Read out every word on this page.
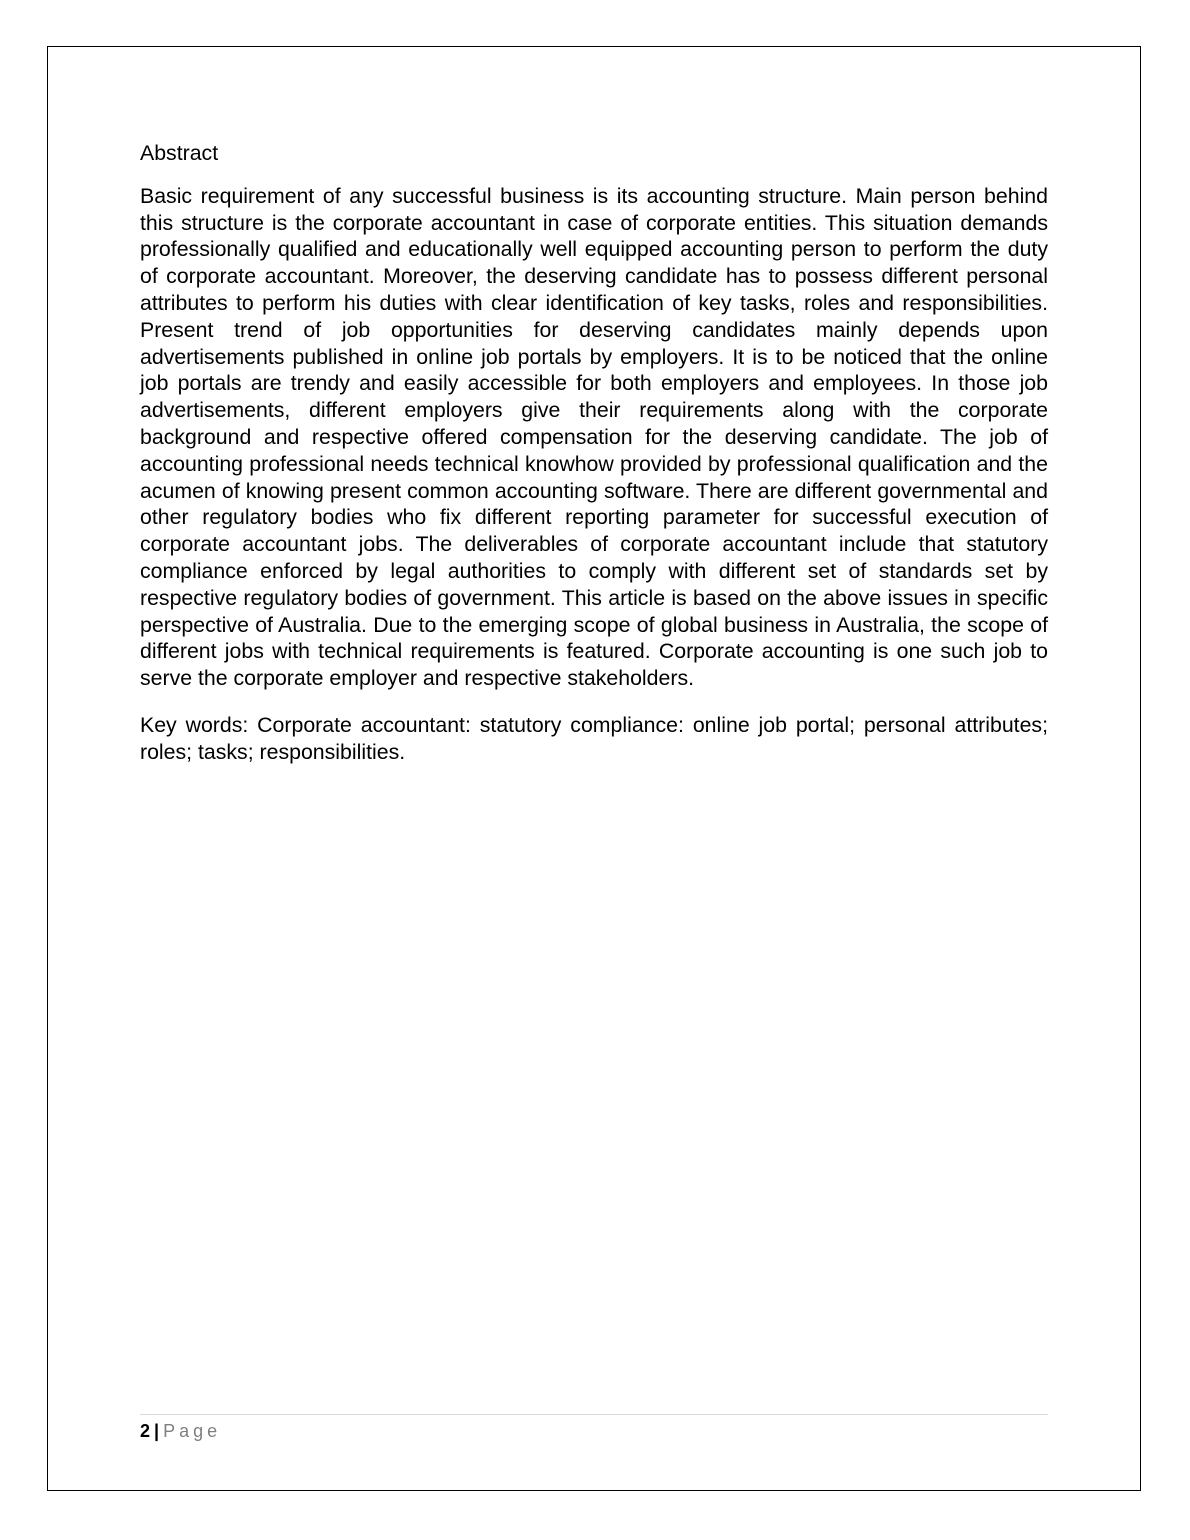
Abstract

Basic requirement of any successful business is its accounting structure. Main person behind this structure is the corporate accountant in case of corporate entities. This situation demands professionally qualified and educationally well equipped accounting person to perform the duty of corporate accountant. Moreover, the deserving candidate has to possess different personal attributes to perform his duties with clear identification of key tasks, roles and responsibilities. Present trend of job opportunities for deserving candidates mainly depends upon advertisements published in online job portals by employers. It is to be noticed that the online job portals are trendy and easily accessible for both employers and employees. In those job advertisements, different employers give their requirements along with the corporate background and respective offered compensation for the deserving candidate. The job of accounting professional needs technical knowhow provided by professional qualification and the acumen of knowing present common accounting software. There are different governmental and other regulatory bodies who fix different reporting parameter for successful execution of corporate accountant jobs. The deliverables of corporate accountant include that statutory compliance enforced by legal authorities to comply with different set of standards set by respective regulatory bodies of government. This article is based on the above issues in specific perspective of Australia. Due to the emerging scope of global business in Australia, the scope of different jobs with technical requirements is featured. Corporate accounting is one such job to serve the corporate employer and respective stakeholders.

Key words: Corporate accountant: statutory compliance: online job portal; personal attributes; roles; tasks; responsibilities.

2 | Page
